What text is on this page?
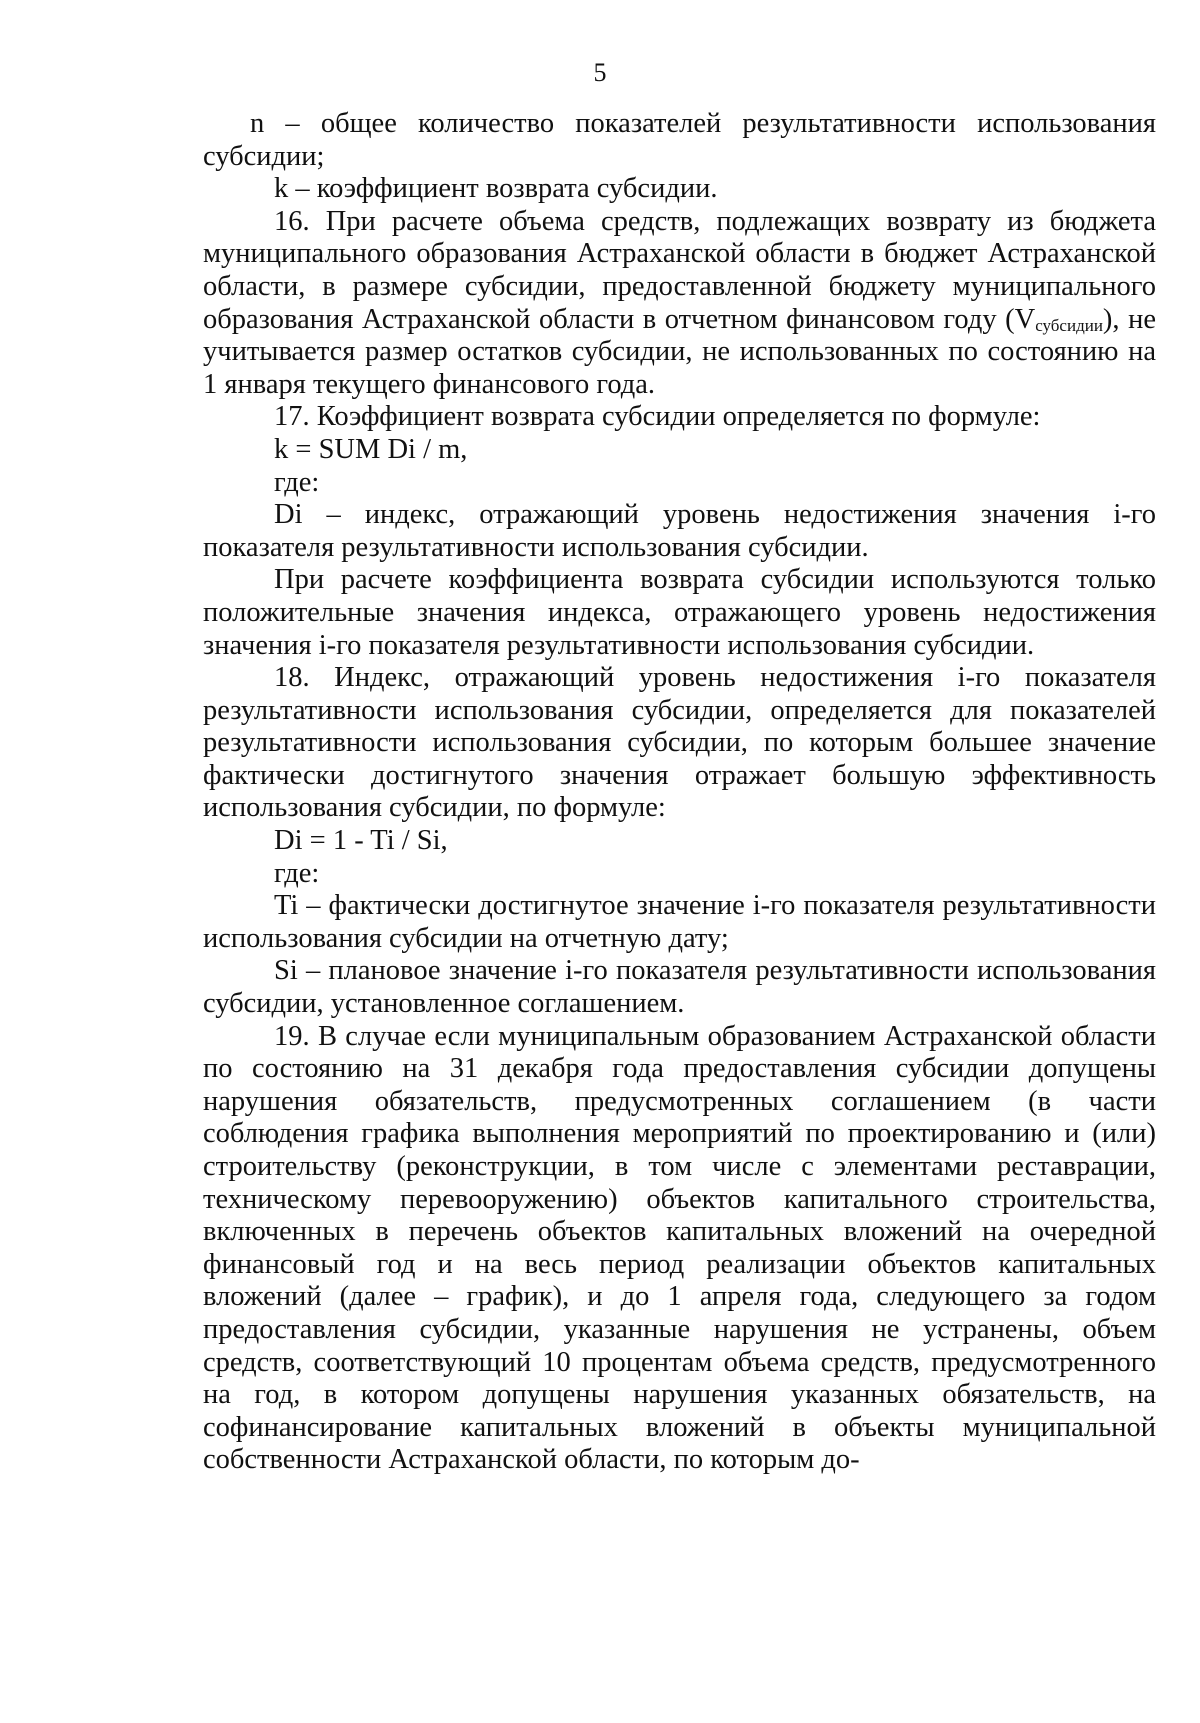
5

n – общее количество показателей результативности использования субсидии;

k – коэффициент возврата субсидии.

16. При расчете объема средств, подлежащих возврату из бюджета муниципального образования Астраханской области в бюджет Астраханской области, в размере субсидии, предоставленной бюджету муниципального образования Астраханской области в отчетном финансовом году $(V_{субсидии})$, не учитывается размер остатков субсидии, не использованных по состоянию на 1 января текущего финансового года.

17. Коэффициент возврата субсидии определяется по формуле:

k = SUM Di / m,

где:

Di – индекс, отражающий уровень недостижения значения i-го показателя результативности использования субсидии.

При расчете коэффициента возврата субсидии используются только положительные значения индекса, отражающего уровень недостижения значения i-го показателя результативности использования субсидии.

18. Индекс, отражающий уровень недостижения i-го показателя результативности использования субсидии, определяется для показателей результативности использования субсидии, по которым большее значение фактически достигнутого значения отражает большую эффективность использования субсидии, по формуле:

Di = 1 - Ti / Si,

где:

Ti – фактически достигнутое значение i-го показателя результативности использования субсидии на отчетную дату;

Si – плановое значение i-го показателя результативности использования субсидии, установленное соглашением.

19. В случае если муниципальным образованием Астраханской области по состоянию на 31 декабря года предоставления субсидии допущены нарушения обязательств, предусмотренных соглашением (в части соблюдения графика выполнения мероприятий по проектированию и (или) строительству (реконструкции, в том числе с элементами реставрации, техническому перевооружению) объектов капитального строительства, включенных в перечень объектов капитальных вложений на очередной финансовый год и на весь период реализации объектов капитальных вложений (далее – график), и до 1 апреля года, следующего за годом предоставления субсидии, указанные нарушения не устранены, объем средств, соответствующий 10 процентам объема средств, предусмотренного на год, в котором допущены нарушения указанных обязательств, на софинансирование капитальных вложений в объекты муниципальной собственности Астраханской области, по которым до-
